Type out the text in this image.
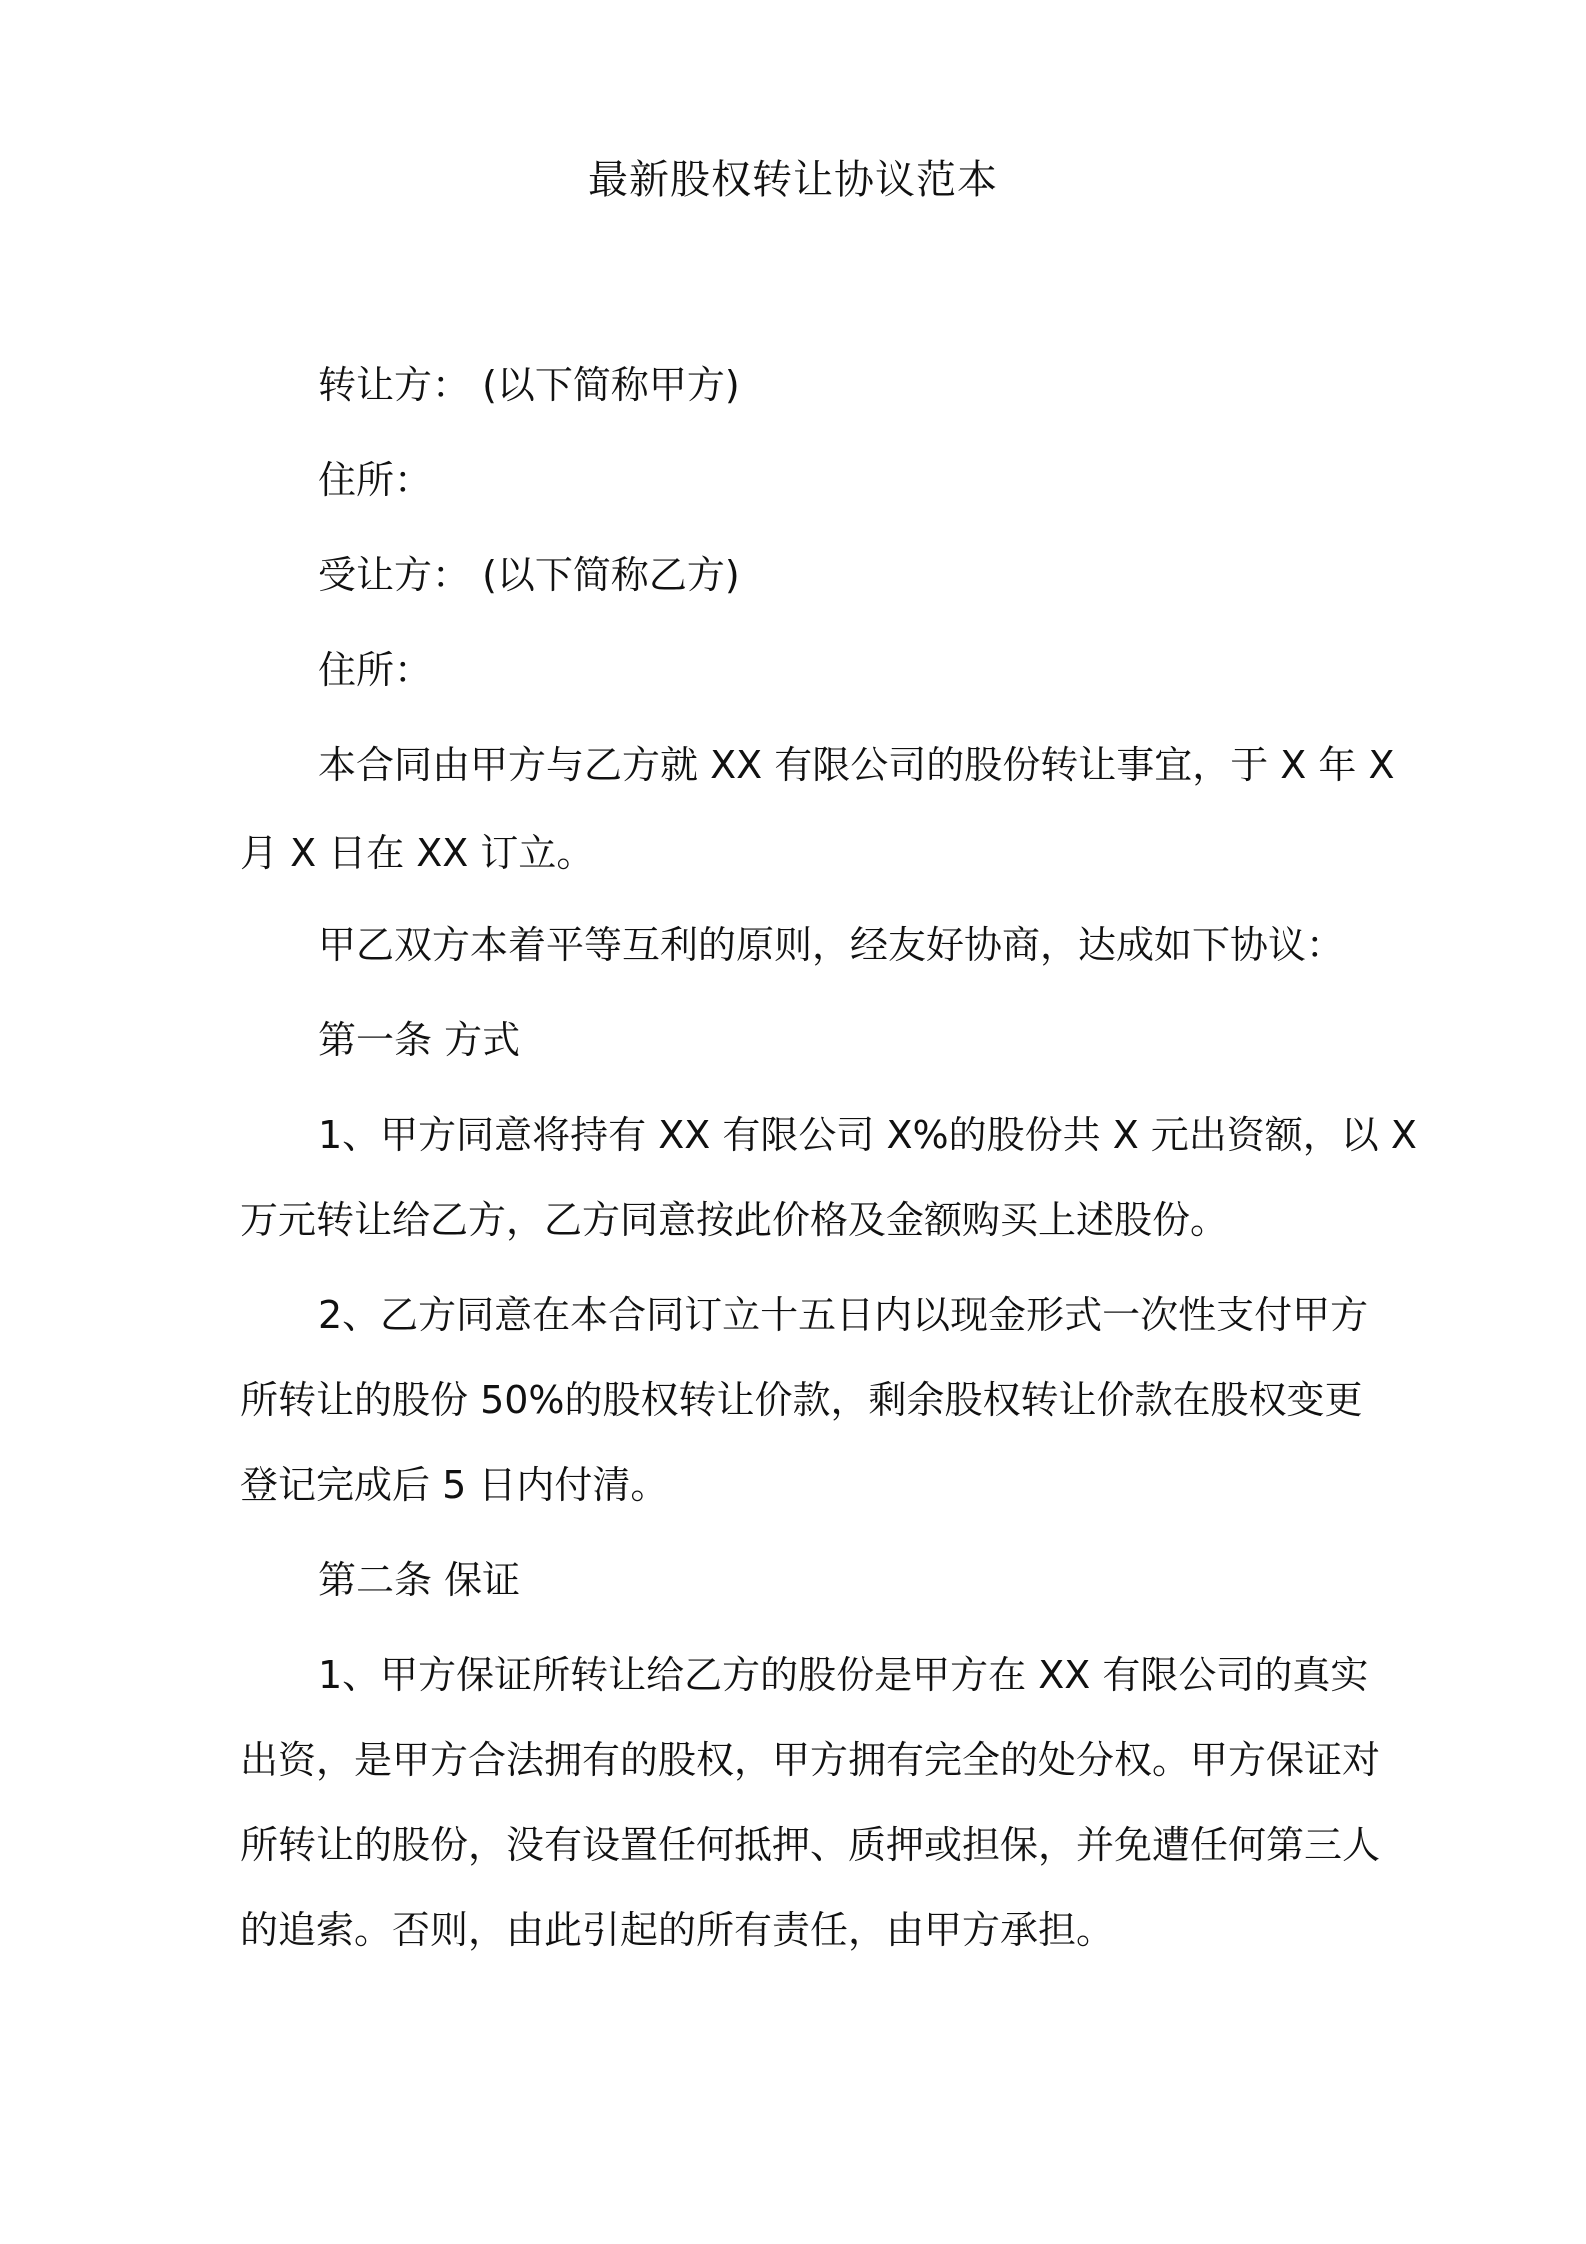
最新股权转让协议范本
转让方： (以下简称甲方)
住所：
受让方： (以下简称乙方)
住所：
本合同由甲方与乙方就 XX 有限公司的股份转让事宜，于 X 年 X
月 X 日在 XX 订立。
甲乙双方本着平等互利的原则，经友好协商，达成如下协议：
第一条 方式
1、甲方同意将持有 XX 有限公司 X%的股份共 X 元出资额，以 X
万元转让给乙方，乙方同意按此价格及金额购买上述股份。
2、乙方同意在本合同订立十五日内以现金形式一次性支付甲方
所转让的股份 50%的股权转让价款，剩余股权转让价款在股权变更
登记完成后 5 日内付清。
第二条 保证
1、甲方保证所转让给乙方的股份是甲方在 XX 有限公司的真实
出资，是甲方合法拥有的股权，甲方拥有完全的处分权。甲方保证对
所转让的股份，没有设置任何抵押、质押或担保，并免遭任何第三人
的追索。否则，由此引起的所有责任，由甲方承担。
